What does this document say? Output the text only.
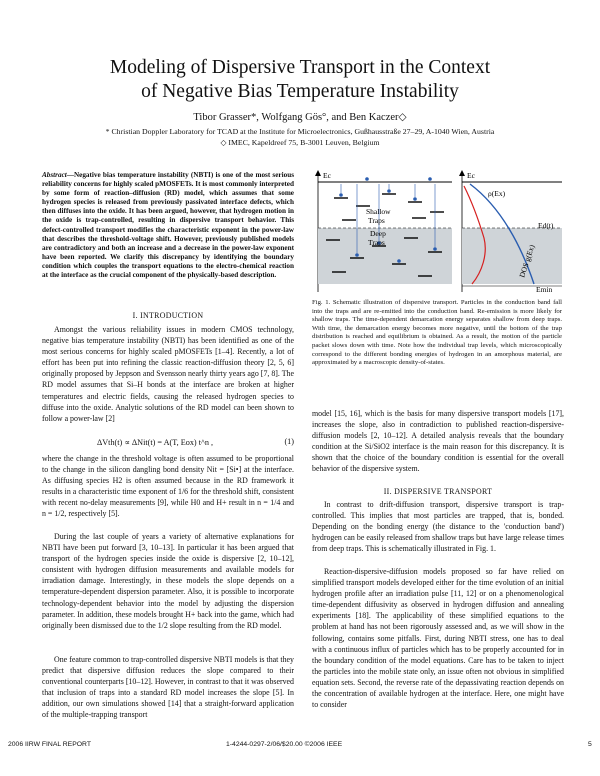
Modeling of Dispersive Transport in the Context
of Negative Bias Temperature Instability
Tibor Grasser*, Wolfgang Gös°, and Ben Kaczer◇
* Christian Doppler Laboratory for TCAD at the Institute for Microelectronics, Gußhausstraße 27–29, A-1040 Wien, Austria
◇ IMEC, Kapeldreef 75, B-3001 Leuven, Belgium
Abstract—Negative bias temperature instability (NBTI) is one of the most serious reliability concerns for highly scaled pMOSFETs. It is most commonly interpreted by some form of reaction–diffusion (RD) model, which assumes that some hydrogen species is released from previously passivated interface defects, which then diffuses into the oxide. It has been argued, however, that hydrogen motion in the oxide is trap-controlled, resulting in dispersive transport behavior. This defect-controlled transport modifies the characteristic exponent in the power-law that describes the threshold-voltage shift. However, previously published models are contradictory and both an increase and a decrease in the power-law exponent have been reported. We clarify this discrepancy by identifying the boundary condition which couples the transport equations to the electro-chemical reaction at the interface as the crucial component of the physically-based description.
I. INTRODUCTION

Amongst the various reliability issues in modern CMOS technology, negative bias temperature instability (NBTI) has been identified as one of the most serious concerns for highly scaled pMOSFETs [1–4]. Recently, a lot of effort has been put into refining the classic reaction-diffusion theory [2, 5, 6] originally proposed by Jeppson and Svensson nearly thirty years ago [7, 8]. The RD model assumes that Si–H bonds at the interface are broken at higher temperatures and electric fields, causing the released hydrogen species to diffuse into the oxide. Analytic solutions of the RD model can been shown to follow a power-law [2]

ΔVth(t) ∝ ΔNit(t) = A(T, Eox) t^n ,	(1)

where the change in the threshold voltage is often assumed to be proportional to the change in the silicon dangling bond density Nit = [Si•] at the interface. As diffusing species H2 is often assumed because in the RD framework it results in a characteristic time exponent of 1/6 for the threshold shift, consistent with recent no-delay measurements [9], while H0 and H+ result in n = 1/4 and n = 1/2, respectively [5].

During the last couple of years a variety of alternative explanations for NBTI have been put forward [3, 10–13]. In particular it has been argued that transport of the hydrogen species inside the oxide is dispersive [2, 10–12], consistent with hydrogen diffusion measurements and available models for irradiation damage. Interestingly, in these models the slope depends on a temperature-dependent dispersion parameter. Also, it is possible to incorporate technology-dependent behavior into the model by adjusting the dispersion parameter. In addition, these models brought H+ back into the game, which had originally been dismissed due to the 1/2 slope resulting from the RD model.

One feature common to trap-controlled dispersive NBTI models is that they predict that dispersive diffusion reduces the slope compared to their conventional counterparts [10–12]. However, in contrast to that it was observed that inclusion of traps into a standard RD model increases the slope [5]. In addition, our own simulations showed [14] that a straight-forward application of the multiple-trapping transport

Ec
Shallow
Traps
Deep
Traps
Ec
ρ(Ex)
Ed(t)
Emin
DOS g(Ex)
Fig. 1. Schematic illustration of dispersive transport. Particles in the conduction band fall into the traps and are re-emitted into the conduction band. Re-emission is more likely for shallow traps. The time-dependent demarcation energy separates shallow from deep traps. With time, the demarcation energy becomes more negative, until the bottom of the trap distribution is reached and equilibrium is obtained. As a result, the motion of the particle packet slows down with time. Note how the individual trap levels, which microscopically correspond to the different bonding energies of hydrogen in an amorphous material, are approximated by a macroscopic density-of-states.

model [15, 16], which is the basis for many dispersive transport models [17], increases the slope, also in contradiction to published reaction-dispersive-diffusion models [2, 10–12]. A detailed analysis reveals that the boundary condition at the Si/SiO2 interface is the main reason for this discrepancy. It is shown that the choice of the boundary condition is essential for the overall behavior of the dispersive system.

II. DISPERSIVE TRANSPORT

In contrast to drift-diffusion transport, dispersive transport is trap-controlled. This implies that most particles are trapped, that is, bonded. Depending on the bonding energy (the distance to the 'conduction band') hydrogen can be easily released from shallow traps but have large release times from deep traps. This is schematically illustrated in Fig. 1.

Reaction-dispersive-diffusion models proposed so far have relied on simplified transport models developed either for the time evolution of an initial hydrogen profile after an irradiation pulse [11, 12] or on a phenomenological time-dependent diffusivity as observed in hydrogen diffusion and annealing experiments [18]. The applicability of these simplified equations to the problem at hand has not been rigorously assessed and, as we will show in the following, contains some pitfalls. First, during NBTI stress, one has to deal with a continuous influx of particles which has to be properly accounted for in the boundary condition of the model equations. Care has to be taken to inject the particles into the mobile state only, an issue often not obvious in simplified equation sets. Second, the reverse rate of the depassivating reaction depends on the concentration of available hydrogen at the interface. Here, one might have to consider

2006 IIRW FINAL REPORT	1-4244-0297-2/06/$20.00 ©2006 IEEE	5
